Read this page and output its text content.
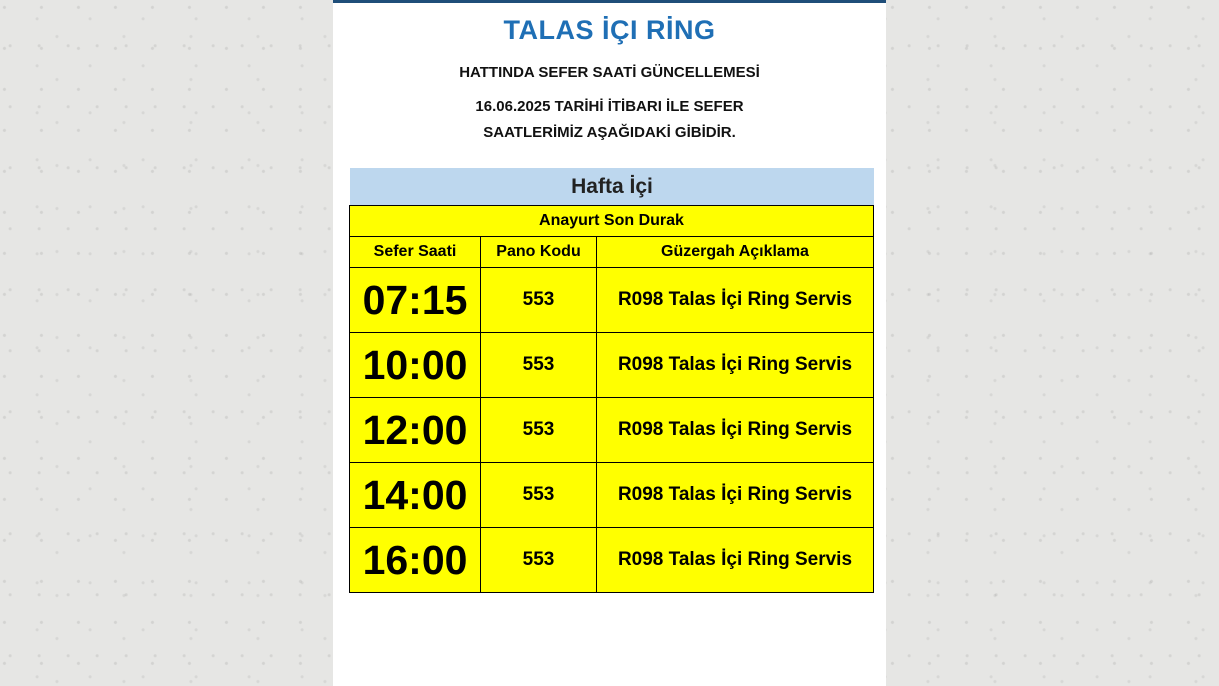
TALAS İÇI RİNG
HATTINDA SEFER SAATİ GÜNCELLEMESİ
16.06.2025 TARİHİ İTİBARI İLE SEFER
SAATLERİMİZ AŞAĞIDAKİ GİBİDİR.
Hafta İçi
Anayurt Son Durak		
Sefer Saati	Pano Kodu	Güzergah Açıklama
07:15	553	R098 Talas İçi Ring Servis
10:00	553	R098 Talas İçi Ring Servis
12:00	553	R098 Talas İçi Ring Servis
14:00	553	R098 Talas İçi Ring Servis
16:00	553	R098 Talas İçi Ring Servis
